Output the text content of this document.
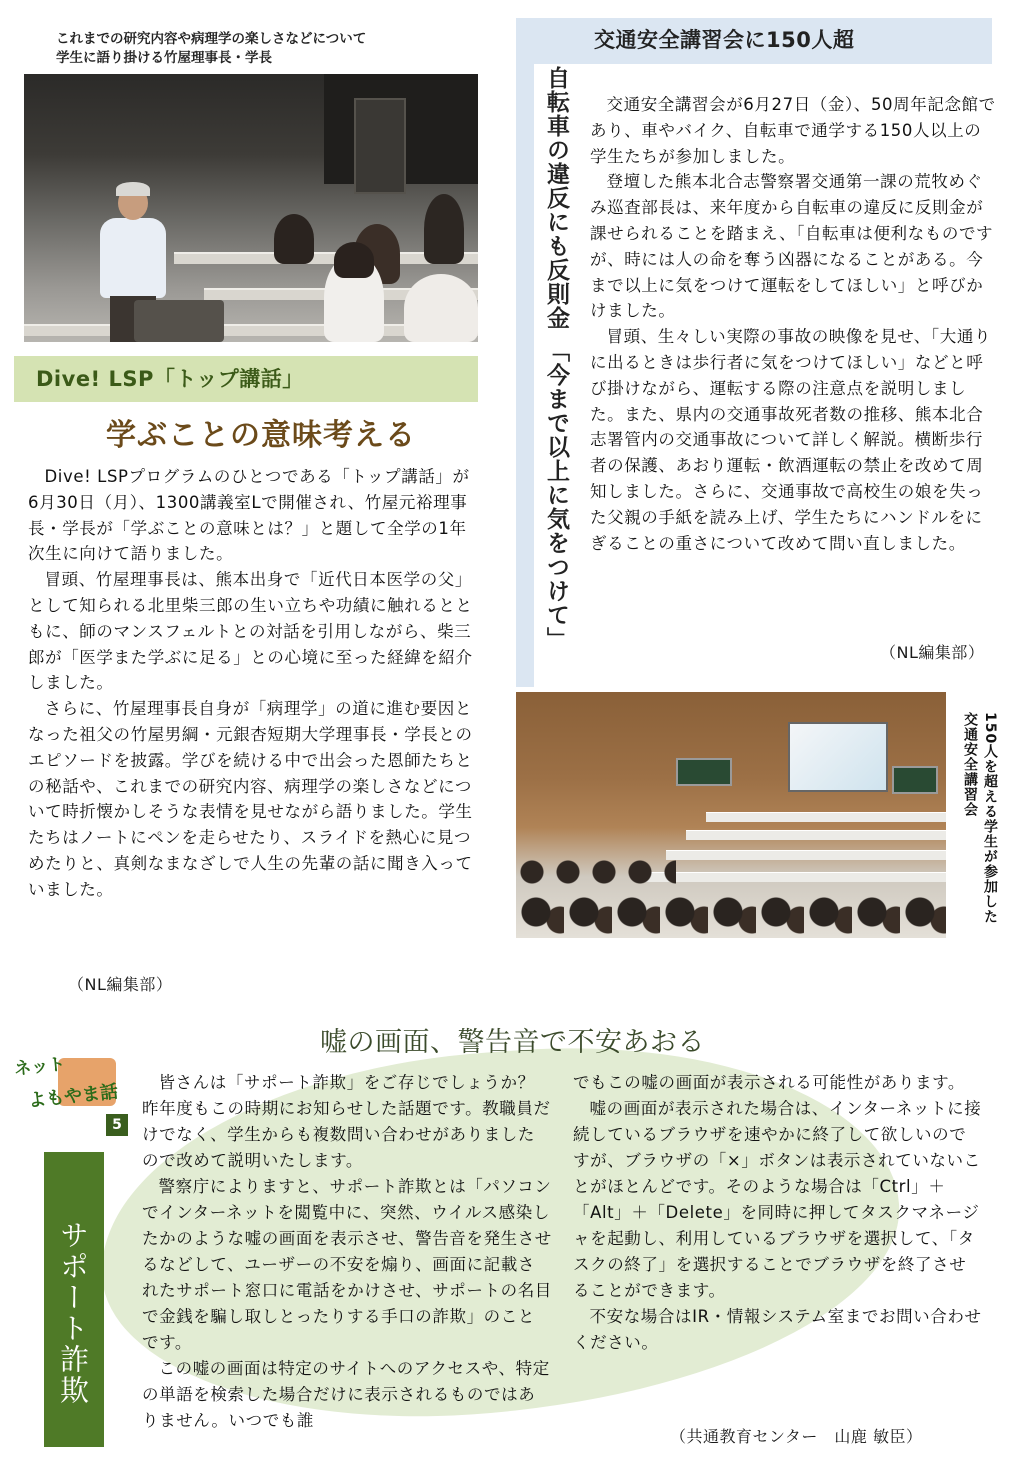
これまでの研究内容や病理学の楽しさなどについて
学生に語り掛ける竹屋理事長・学長
Dive! LSP「トップ講話」
学ぶことの意味考える

Dive! LSPプログラムのひとつである「トップ講話」が6月30日（月）、1300講義室Lで開催され、竹屋元裕理事長・学長が「学ぶことの意味とは？」と題して全学の1年次生に向けて語りました。

冒頭、竹屋理事長は、熊本出身で「近代日本医学の父」として知られる北里柴三郎の生い立ちや功績に触れるとともに、師のマンスフェルトとの対話を引用しながら、柴三郎が「医学また学ぶに足る」との心境に至った経緯を紹介しました。

さらに、竹屋理事長自身が「病理学」の道に進む要因となった祖父の竹屋男綱・元銀杏短期大学理事長・学長とのエピソードを披露。学びを続ける中で出会った恩師たちとの秘話や、これまでの研究内容、病理学の楽しさなどについて時折懐かしそうな表情を見せながら語りました。学生たちはノートにペンを走らせたり、スライドを熱心に見つめたりと、真剣なまなざしで人生の先輩の話に聞き入っていました。

（NL編集部）
交通安全講習会に150人超
自転車の違反にも反則金 「今まで以上に気をつけて」	交通安全講習会が6月27日（金）、50周年記念館であり、車やバイク、自転車で通学する150人以上の学生たちが参加しました。

登壇した熊本北合志警察署交通第一課の荒牧めぐみ巡査部長は、来年度から自転車の違反に反則金が課せられることを踏まえ、「自転車は便利なものですが、時には人の命を奪う凶器になることがある。今まで以上に気をつけて運転をしてほしい」と呼びかけました。

冒頭、生々しい実際の事故の映像を見せ、「大通りに出るときは歩行者に気をつけてほしい」などと呼び掛けながら、運転する際の注意点を説明しました。また、県内の交通事故死者数の推移、熊本北合志署管内の交通事故について詳しく解説。横断歩行者の保護、あおり運転・飲酒運転の禁止を改めて周知しました。さらに、交通事故で高校生の娘を失った父親の手紙を読み上げ、学生たちにハンドルをにぎることの重さについて改めて問い直しました。

（NL編集部）
150人を超える学生が参加した交通安全講習会
嘘の画面、警告音で不安あおる
ネット
よもやま話
5
サポート詐欺

皆さんは「サポート詐欺」をご存じでしょうか？　昨年度もこの時期にお知らせした話題です。教職員だけでなく、学生からも複数問い合わせがありましたので改めて説明いたします。

警察庁によりますと、サポート詐欺とは「パソコンでインターネットを閲覧中に、突然、ウイルス感染したかのような嘘の画面を表示させ、警告音を発生させるなどして、ユーザーの不安を煽り、画面に記載されたサポート窓口に電話をかけさせ、サポートの名目で金銭を騙し取しとったりする手口の詐欺」のことです。

この嘘の画面は特定のサイトへのアクセスや、特定の単語を検索した場合だけに表示されるものではありません。いつでも誰

でもこの嘘の画面が表示される可能性があります。

嘘の画面が表示された場合は、インターネットに接続しているブラウザを速やかに終了して欲しいのですが、ブラウザの「×」ボタンは表示されていないことがほとんどです。そのような場合は「Ctrl」＋「Alt」＋「Delete」を同時に押してタスクマネージャを起動し、利用しているブラウザを選択して、「タスクの終了」を選択することでブラウザを終了させることができます。

不安な場合はIR・情報システム室までお問い合わせください。

（共通教育センター　山鹿 敏臣）
